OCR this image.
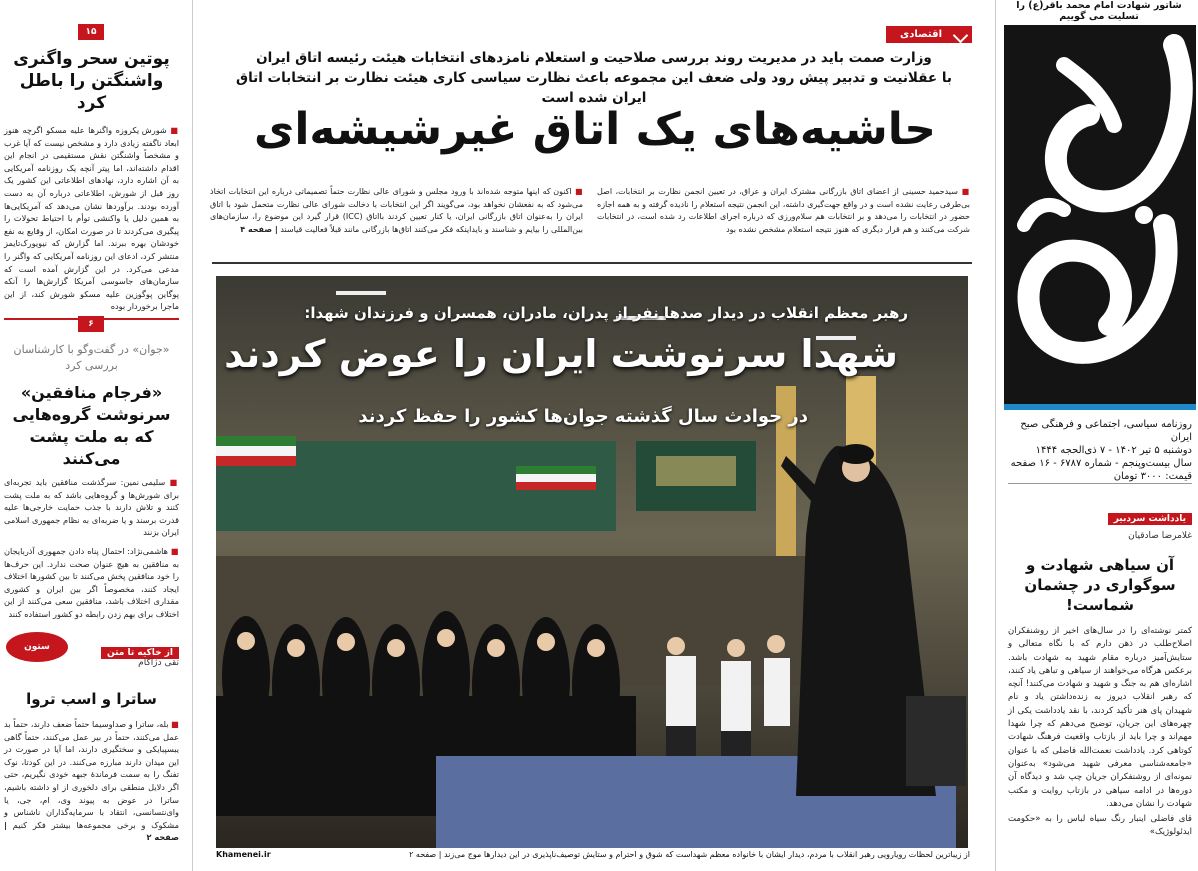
شاتور شهادت امام محمد باقر(ع) را تسلیت می گوییم
روزنامه سیاسی، اجتماعی و فرهنگی صبح ایران
دوشنبه ۵ تیر ۱۴۰۲ - ۷ ذی‌الحجه ۱۴۴۴
سال بیست‌وپنجم - شماره ۶۷۸۷ - ۱۶ صفحه
قیمت: ۳۰۰۰ تومان
یادداشت سردبیر
غلامرضا صادقیان
آن سیاهی شهادت و سوگواری در چشمان شماست!

کمتر نوشته‌ای را در سال‌های اخیر از روشنفکران اصلاح‌طلب در ذهن دارم که با نگاه متعالی و ستایش‌آمیز درباره مقام شهید به شهادت باشد. برعکس هرگاه می‌خواهند از سیاهی و تباهی یاد کنند، اشاره‌ای هم به جنگ و شهید و شهادت می‌کنند! آنچه که رهبر انقلاب دیروز به زنده‌داشتن یاد و نام شهیدان پای هنر تأکید کردند، با نقد یادداشت یکی از چهره‌های این جریان، توضیح می‌دهم که چرا شهدا مهم‌اند و چرا باید از بازتاب واقعیت فرهنگ شهادت کوتاهی کرد. یادداشت نعمت‌الله فاضلی که با عنوان «جامعه‌شناسی معرفی شهید می‌شود» به‌عنوان نمونه‌ای از روشنفکران جریان چپ شد و دیدگاه آن دوره‌ها در ادامه سیاهی در بازتاب روایت و مکتب شهادت را نشان می‌دهد.

قای فاضلی اینبار رنگ سیاه لباس را به «حکومت ایدئولوژیک»

اقتصادی
وزارت صمت باید در مدیریت روند بررسی صلاحیت و استعلام نامزدهای انتخابات هیئت رئیسه اتاق ایران
با عقلانیت و تدبیر پیش رود ولی ضعف این مجموعه باعث نظارت سیاسی کاری هیئت نظارت بر انتخابات اتاق ایران شده است
حاشیه‌های یک اتاق غیرشیشه‌ای

■ سیدحمید حسینی از اعضای اتاق بازرگانی مشترک ایران و عراق، در تعیین انجمن نظارت بر انتخابات، اصل بی‌طرفی رعایت نشده است و در واقع جهت‌گیری داشته، این انجمن نتیجه استعلام را نادیده گرفته و به همه اجازه حضور در انتخابات را می‌دهد و بر انتخابات هم سلام‌ورزی که درباره اجرای اطلاعات رد شده است، در انتخابات شرکت می‌کنند و هم قرار دیگری که هنوز نتیجه استعلام مشخص نشده بود

■ اکنون که اینها متوجه شده‌اند با ورود مجلس و شورای عالی نظارت حتماً تصمیماتی درباره این انتخابات اتخاذ می‌شود که به نفعشان نخواهد بود، می‌گویند اگر این انتخابات با دخالت شورای عالی نظارت متحمل شود با اتاق ایران را به‌عنوان اتاق بازرگانی ایران، یا کنار تعیین کردند بااتاق (ICC) قرار گیرد این موضوع را، سازمان‌های بین‌المللی را بیایم و شناسند و بایداینکه فکر می‌کنند اتاق‌ها بازرگانی مانند قبلاً فعالیت قیاسند | صفحه ۴

رهبر معظم انقلاب در دیدار صدها نفر از پدران، مادران، همسران و فرزندان شهدا:
شهدا سرنوشت ایران را عوض کردند
در حوادث سال گذشته جوان‌ها کشور را حفظ کردند
از زیباترین لحظات رویارویی رهبر انقلاب با مردم، دیدار ایشان با خانواده معظم شهداست که شوق و احترام و ستایش توصیف‌ناپذیری در این دیدارها موج می‌زند | صفحه ۲
Khamenei.ir
۱۵
پوتین سحر واگنری واشنگتن را باطل کرد

■ شورش یکروزه واگنرها علیه مسکو اگرچه هنوز ابعاد ناگفته زیادی دارد و مشخص نیست که آیا غرب و مشخصاً واشنگتن نقش مستقیمی در انجام این اقدام داشته‌اند، اما پیتر آنچه یک روزنامه آمریکایی به آن اشاره دارد، نهادهای اطلاعاتی این کشور یک روز قبل از شورش، اطلاعاتی درباره آن به دست آورده بودند. برآوردها نشان می‌دهد که آمریکایی‌ها به همین دلیل یا واکنشی توأم با احتیاط تحولات را پیگیری می‌کردند تا در صورت امکان، از وقایع به نفع خودشان بهره ببرند. اما گزارش که نیویورک‌تایمز منتشر کرد، ادعای این روزنامه آمریکایی که واگنر را مدعی می‌کرد. در این گزارش آمده است که سازمان‌های جاسوسی آمریکا گزارش‌ها را آنکه پوگاین پوگوزین علیه مسکو شورش کند، از این ماجرا برخوردار بوده

۶
«جوان» در گفت‌وگو با کارشناسان بررسی کرد
«فرجام منافقین»
سرنوشت گروه‌هایی که به ملت پشت می‌کنند

■ سلیمی نمین: سرگذشت منافقین باید تجربه‌ای برای شورش‌ها و گروه‌هایی باشد که به ملت پشت کنند و تلاش دارند با جذب حمایت خارجی‌ها علیه قدرت برسند و یا ضربه‌ای به نظام جمهوری اسلامی ایران بزنند

■ هاشمی‌نژاد: احتمال پناه دادن جمهوری آذربایجان به منافقین به هیچ عنوان صحت ندارد. این حرف‌ها را خود منافقین پخش می‌کنند تا بین کشورها اختلاف ایجاد کنند، مخصوصاً اگر بین ایران و کشوری مقداری اختلاف باشد، منافقین سعی می‌کنند از این اختلاف برای بهم زدن رابطه دو کشور استفاده کنند

ستون شیشه‌ای
از خاکیه تا متن
تقی دژاکام
ساترا و اسب تروا

■ بله، ساترا و صداوسیما حتماً ضعف دارند، حتماً بد عمل می‌کنند، حتماً در بیر عمل می‌کنند، حتماً گاهی یبسپبایکی و سختگیری دارند، اما آیا در صورت در این میدان دارند مبارزه می‌کنند. در این کودتا، نوک تفنگ را به سمت فرماندهٔ جبهه خودی نگیریم، حتی اگر دلایل منطقی برای دلخوری از او داشته باشیم، ساترا در عوض به پیوند وی، ام، جی، یا وای‌نتسانسی، انتقاد با سرمایه‌گذاران ناشناس و مشکوک و برخی مجموعه‌ها بیشتر فکر کنیم | صفحه ۲
